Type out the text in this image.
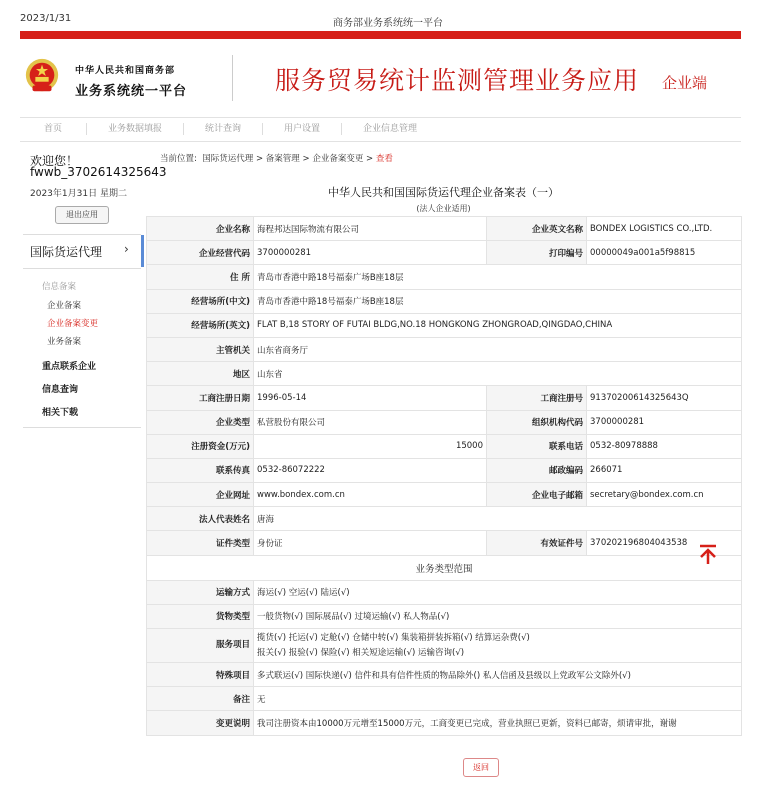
2023/1/31	商务部业务系统统一平台
中华人民共和国商务部
业务系统统一平台	服务贸易统计监测管理业务应用 企业端
首页	业务数据填报	统计查询	用户设置	企业信息管理
欢迎您！
fwwb_3702614325643
2023年1月31日 星期二
退出应用
国际货运代理 ›
信息备案
企业备案
企业备案变更
业务备案
重点联系企业
信息查询
相关下载
当前位置: 国际货运代理 > 备案管理 > 企业备案变更 > 查看
中华人民共和国国际货运代理企业备案表（一）
(法人企业适用)
企业名称	海程邦达国际物流有限公司	企业英文名称	BONDEX LOGISTICS CO.,LTD.
企业经营代码	3700000281	打印编号	00000049a001a5f98815
住 所	青岛市香港中路18号福泰广场B座18层		
经营场所(中文)	青岛市香港中路18号福泰广场B座18层		
经营场所(英文)	FLAT B,18 STORY OF FUTAI BLDG,NO.18 HONGKONG ZHONGROAD,QINGDAO,CHINA		
主管机关	山东省商务厅		
地区	山东省		
工商注册日期	1996-05-14	工商注册号	91370200614325643Q
企业类型	私营股份有限公司	组织机构代码	3700000281
注册资金(万元)	15000	联系电话	0532-80978888
联系传真	0532-86072222	邮政编码	266071
企业网址	www.bondex.com.cn	企业电子邮箱	secretary@bondex.com.cn
法人代表姓名	唐海		
证件类型	身份证	有效证件号	370202196804043538
业务类型范围			
运输方式	海运(√) 空运(√) 陆运(√)		
货物类型	一般货物(√) 国际展品(√) 过境运输(√) 私人物品(√)		
服务项目	揽货(√) 托运(√) 定舱(√) 仓储中转(√) 集装箱拼装拆箱(√) 结算运杂费(√)
报关(√) 报验(√) 保险(√) 相关短途运输(√) 运输咨询(√)		
特殊项目	多式联运(√) 国际快递(√) 信件和具有信件性质的物品除外() 私人信函及县级以上党政军公文除外(√)		
备注	无		
变更说明	我司注册资本由10000万元增至15000万元，工商变更已完成，营业执照已更新，资料已邮寄，烦请审批，谢谢		
返回
